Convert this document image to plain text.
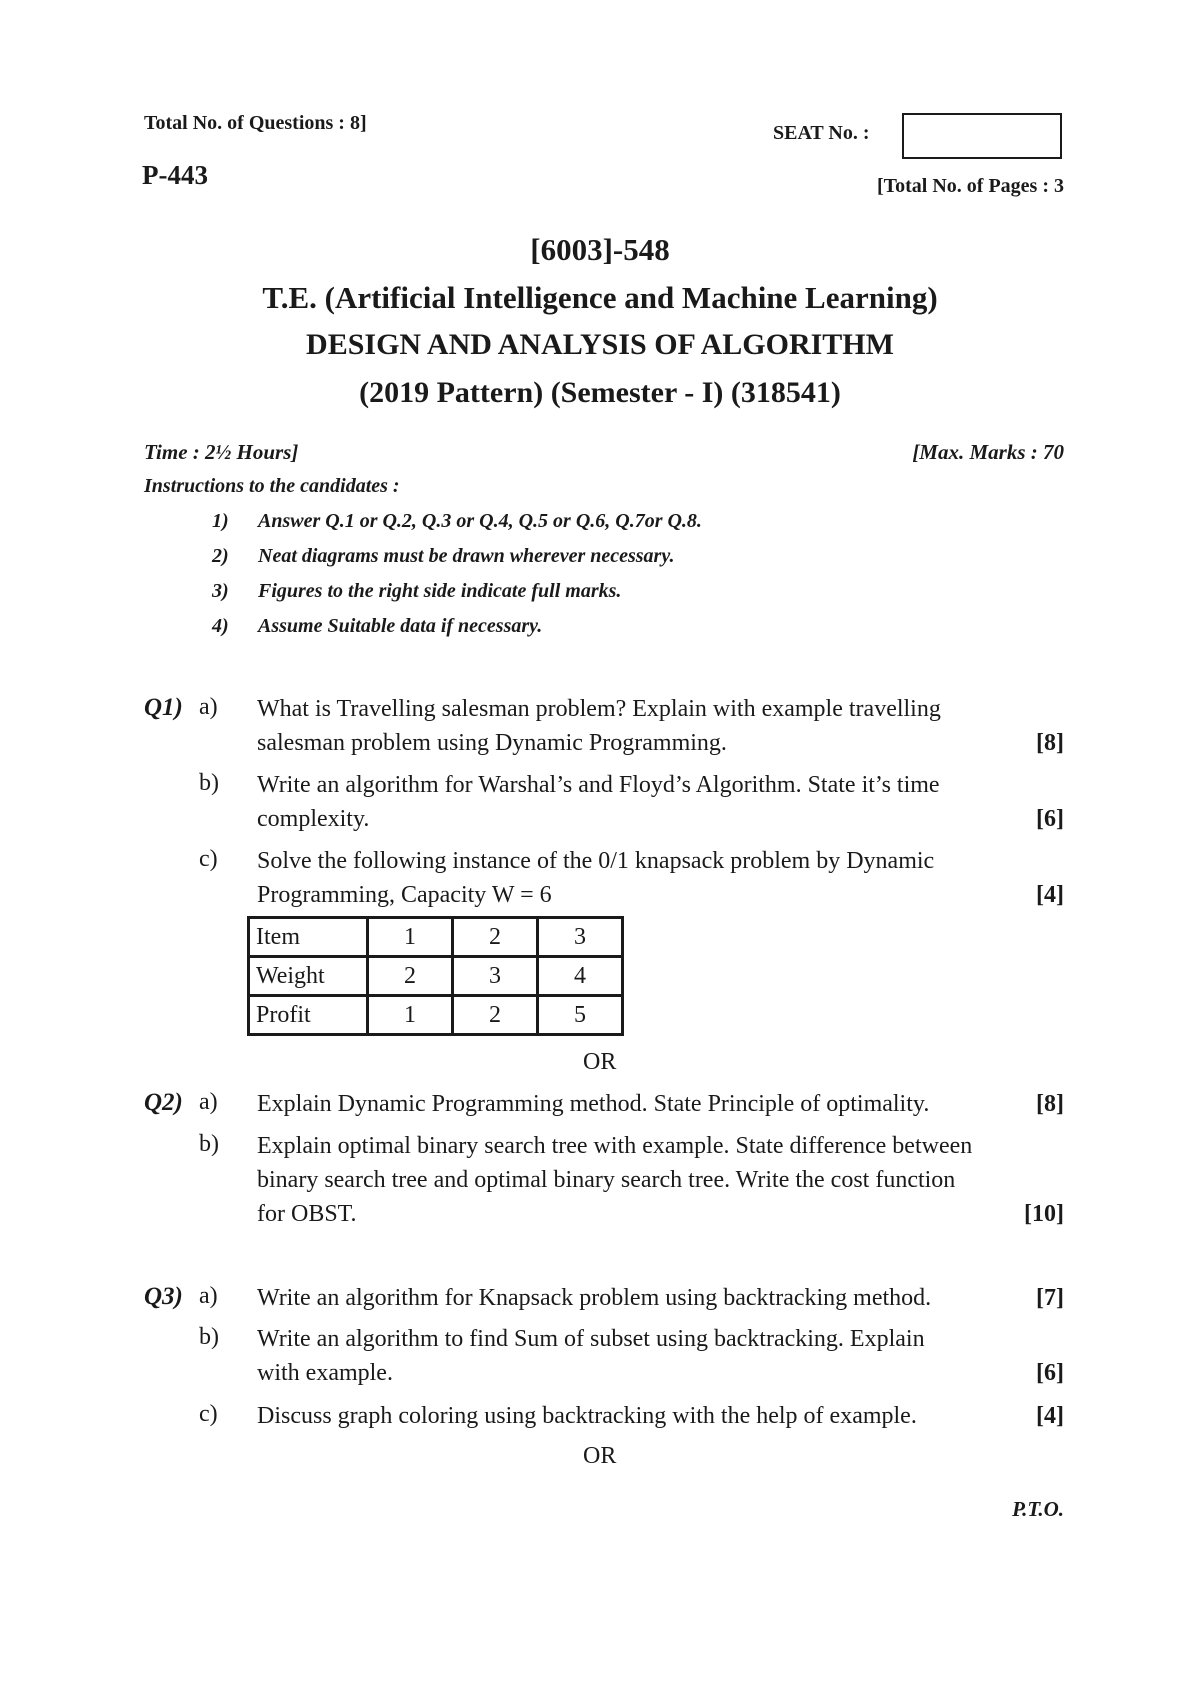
Total No. of Questions : 8]
P-443
SEAT No. :
[Total No. of Pages : 3
[6003]-548
T.E. (Artificial Intelligence and Machine Learning)
DESIGN AND ANALYSIS OF ALGORITHM
(2019 Pattern) (Semester - I) (318541)
Time : 2½ Hours]	[Max. Marks : 70
Instructions to the candidates :
1) Answer Q.1 or Q.2, Q.3 or Q.4, Q.5 or Q.6, Q.7or Q.8.
2) Neat diagrams must be drawn wherever necessary.
3) Figures to the right side indicate full marks.
4) Assume Suitable data if necessary.
Q1) a) What is Travelling salesman problem? Explain with example travelling
salesman problem using Dynamic Programming.	[8]
b) Write an algorithm for Warshal’s and Floyd’s Algorithm. State it’s time
complexity.	[6]
c) Solve the following instance of the 0/1 knapsack problem by Dynamic
Programming, Capacity W = 6	[4]
Item	1	2	3
Weight	2	3	4
Profit	1	2	5
OR
Q2) a) Explain Dynamic Programming method. State Principle of optimality.	[8]
b) Explain optimal binary search tree with example. State difference between
binary search tree and optimal binary search tree. Write the cost function
for OBST.	[10]
Q3) a) Write an algorithm for Knapsack problem using backtracking method.	[7]
b) Write an algorithm to find Sum of subset using backtracking. Explain
with example.	[6]
c) Discuss graph coloring using backtracking with the help of example.	[4]
OR
P.T.O.
